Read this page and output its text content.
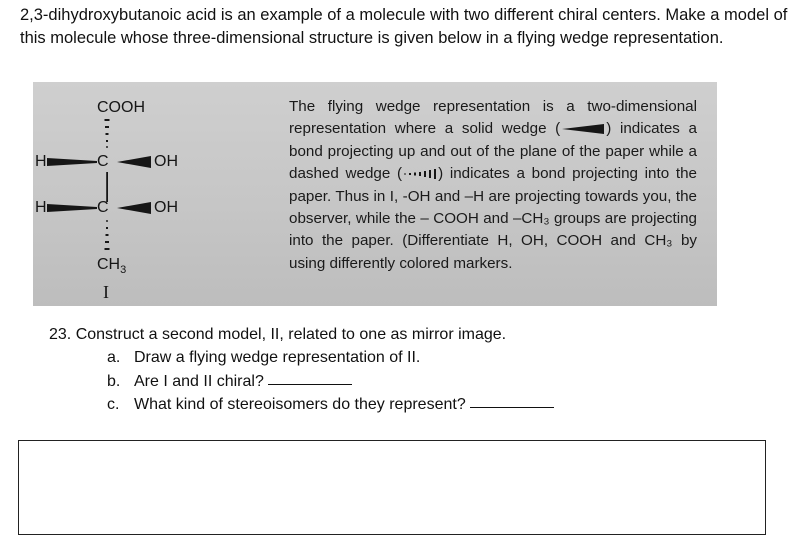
2,3-dihydroxybutanoic acid is an example of a molecule with two different chiral centers. Make a model of this molecule whose three-dimensional structure is given below in a flying wedge representation.

COOH
H	C	OH
H	C	OH
$CH_3$
I

The flying wedge representation is a two-dimensional representation where a solid wedge (	) indicates a bond projecting up and out of the plane of the paper while a dashed wedge ( ) indicates a bond projecting into the paper. Thus in I, -OH and –H are projecting towards you, the observer, while the – COOH and –CH₃ groups are projecting into the paper. (Differentiate H, OH, COOH and CH₃ by using differently colored markers.

23. Construct a second model, II, related to one as mirror image.
a. Draw a flying wedge representation of II.
b. Are I and II chiral?
c. What kind of stereoisomers do they represent?
